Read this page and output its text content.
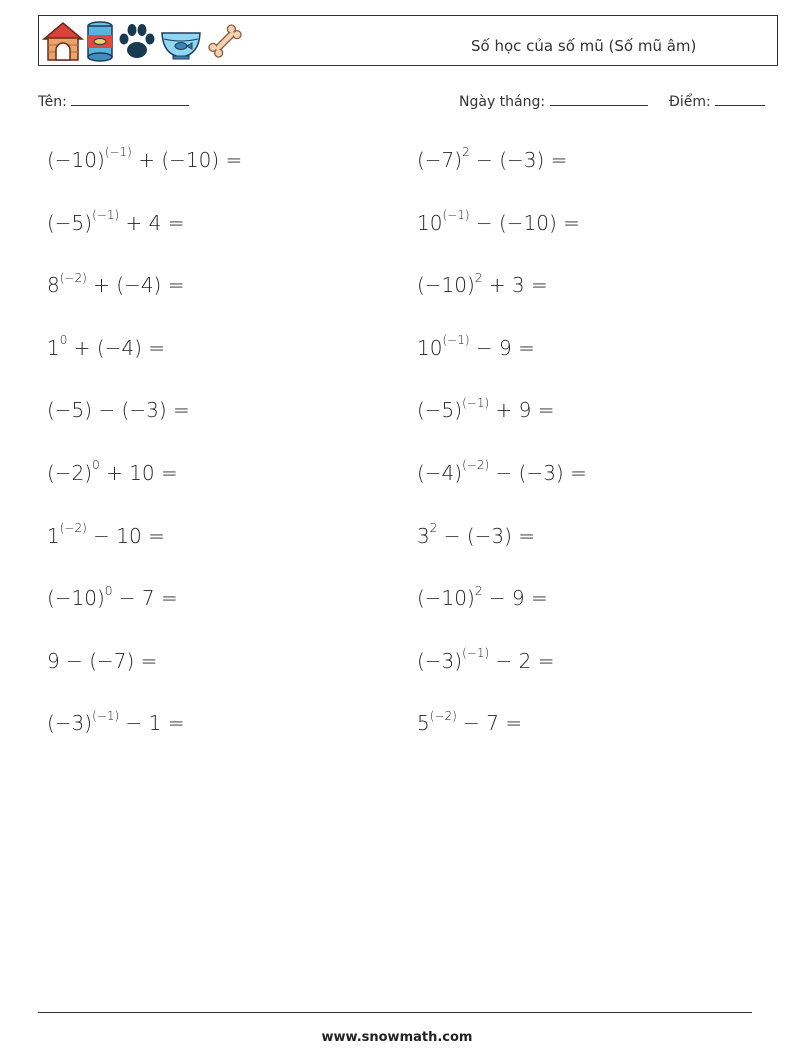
Số học của số mũ (Số mũ âm)
Tên:	Ngày tháng:	Điểm:
$(-10)^{(-1)} + (-10)$ =	$(-7)^2 - (-3)$ =
$(-5)^{(-1)} + 4$ =	$10^{(-1)} - (-10)$ =
$8^{(-2)} + (-4)$ =	$(-10)^2 + 3$ =
$1^0 + (-4)$ =	$10^{(-1)} - 9$ =
(−5) − (−3) =	$(-5)^{(-1)} + 9$ =
$(-2)^0 + 10$ =	$(-4)^{(-2)} - (-3)$ =
$1^{(-2)} - 10$ =	$3^2 - (-3)$ =
$(-10)^0 - 7$ =	$(-10)^2 - 9$ =
9 − (−7) =	$(-3)^{(-1)} - 2$ =
$(-3)^{(-1)} - 1$ =	$5^{(-2)} - 7$ =
www.snowmath.com
